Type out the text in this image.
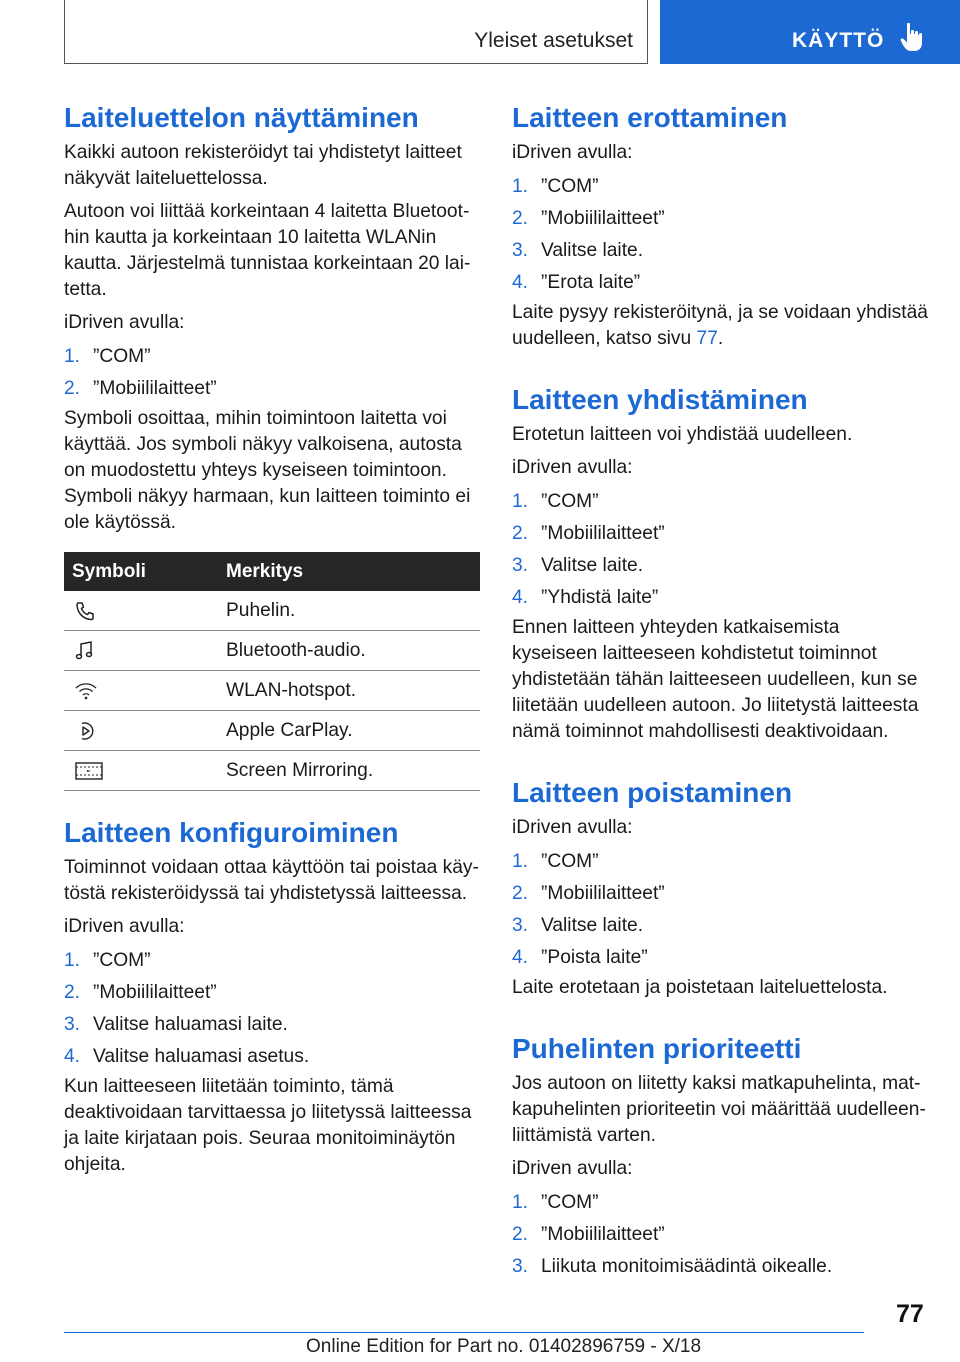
Yleiset asetukset	KÄYTTÖ
Laiteluettelon näyttäminen

Kaikki autoon rekisteröidyt tai yhdistetyt laitteet näkyvät laiteluettelossa.

Autoon voi liittää korkeintaan 4 laitetta Bluetoothin kautta ja korkeintaan 10 laitetta WLANin kautta. Järjestelmä tunnistaa korkeintaan 20 laitetta.

iDriven avulla:

1. ”COM”
2. ”Mobiililaitteet”

Symboli osoittaa, mihin toimintoon laitetta voi käyttää. Jos symboli näkyy valkoisena, autosta on muodostettu yhteys kyseiseen toimintoon. Symboli näkyy harmaan, kun laitteen toiminto ei ole käytössä.

Symboli	Merkitys

	Puhelin.

	Bluetooth-audio.

	WLAN-hotspot.

	Apple CarPlay.

	Screen Mirroring.
Laitteen konfiguroiminen

Toiminnot voidaan ottaa käyttöön tai poistaa käytöstä rekisteröidyssä tai yhdistetyssä laitteessa.

iDriven avulla:

1. ”COM”
2. ”Mobiililaitteet”
3. Valitse haluamasi laite.
4. Valitse haluamasi asetus.

Kun laitteeseen liitetään toiminto, tämä deaktivoidaan tarvittaessa jo liitetyssä laitteessa ja laite kirjataan pois. Seuraa monitoiminäytön ohjeita.

Laitteen erottaminen

iDriven avulla:

1. ”COM”
2. ”Mobiililaitteet”
3. Valitse laite.
4. ”Erota laite”

Laite pysyy rekisteröitynä, ja se voidaan yhdistää uudelleen, katso sivu 77.

Laitteen yhdistäminen

Erotetun laitteen voi yhdistää uudelleen.

iDriven avulla:

1. ”COM”
2. ”Mobiililaitteet”
3. Valitse laite.
4. ”Yhdistä laite”

Ennen laitteen yhteyden katkaisemista kyseiseen laitteeseen kohdistetut toiminnot yhdistetään tähän laitteeseen uudelleen, kun se liitetään uudelleen autoon. Jo liitetystä laitteesta nämä toiminnot mahdollisesti deaktivoidaan.

Laitteen poistaminen

iDriven avulla:

1. ”COM”
2. ”Mobiililaitteet”
3. Valitse laite.
4. ”Poista laite”

Laite erotetaan ja poistetaan laiteluettelosta.

Puhelinten prioriteetti

Jos autoon on liitetty kaksi matkapuhelinta, matkapuhelinten prioriteetin voi määrittää uudelleenliittämistä varten.

iDriven avulla:

1. ”COM”
2. ”Mobiililaitteet”
3. Liikuta monitoimisäädintä oikealle.
77
Online Edition for Part no. 01402896759 - X/18
